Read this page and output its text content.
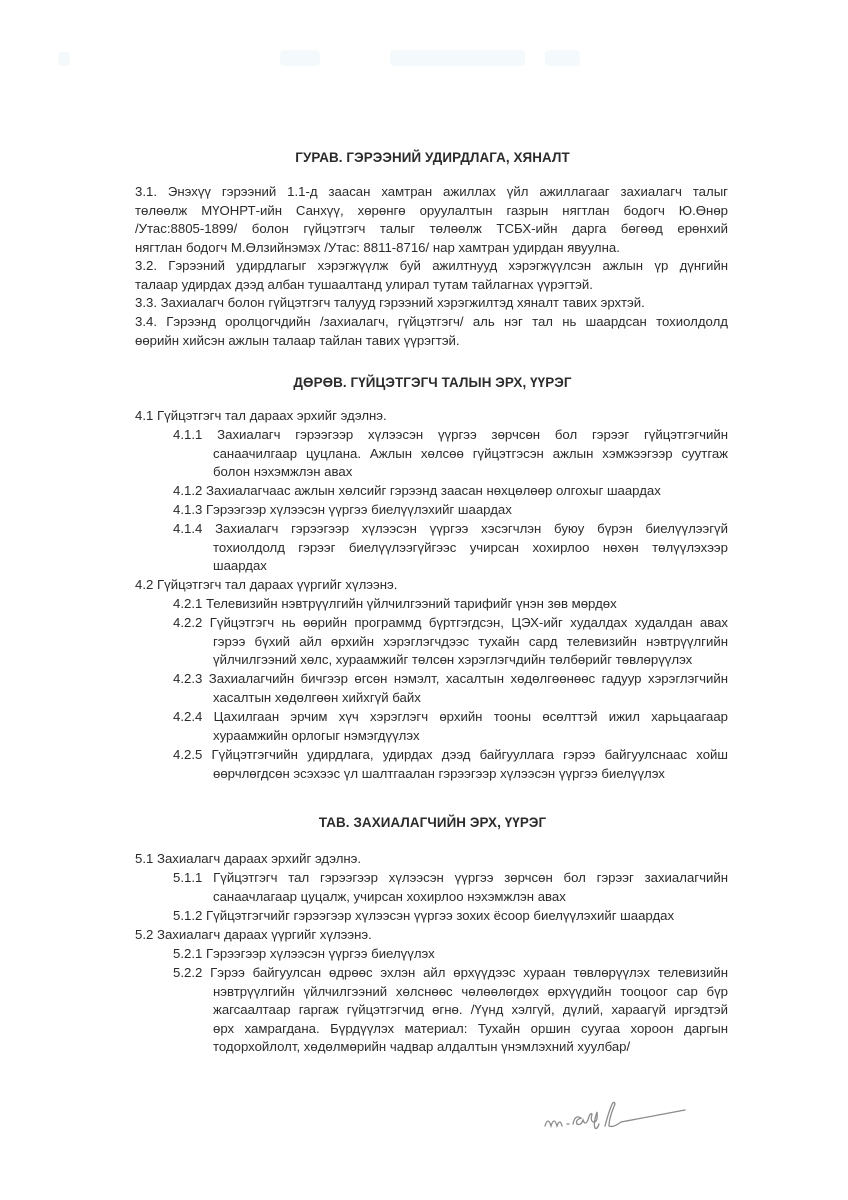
ГУРАВ. ГЭРЭЭНИЙ УДИРДЛАГА, ХЯНАЛТ
3.1. Энэхүү гэрээний 1.1-д заасан хамтран ажиллах үйл ажиллагааг захиалагч талыг
төлөөлж МҮОНРТ-ийн Санхүү, хөрөнгө оруулалтын газрын нягтлан бодогч Ю.Өнөр
/Утас:8805-1899/ болон гүйцэтгэгч талыг төлөөлж ТСБХ-ийн дарга бөгөөд ерөнхий
нягтлан бодогч М.Өлзийнэмэх /Утас: 8811-8716/ нар хамтран удирдан явуулна.
3.2. Гэрээний удирдлагыг хэрэгжүүлж буй ажилтнууд хэрэгжүүлсэн ажлын үр дүнгийн
талаар удирдах дээд албан тушаалтанд улирал тутам тайлагнах үүрэгтэй.
3.3. Захиалагч болон гүйцэтгэгч талууд гэрээний хэрэгжилтэд хяналт тавих эрхтэй.
3.4. Гэрээнд оролцогчдийн /захиалагч, гүйцэтгэгч/ аль нэг тал нь шаардсан тохиолдолд
өөрийн хийсэн ажлын талаар тайлан тавих үүрэгтэй.
ДӨРӨВ. ГҮЙЦЭТГЭГЧ ТАЛЫН ЭРХ, ҮҮРЭГ
4.1 Гүйцэтгэгч тал дараах эрхийг эдэлнэ.
4.1.1 Захиалагч гэрээгээр хүлээсэн үүргээ зөрчсөн бол гэрээг гүйцэтгэгчийн
санаачилгаар цуцлана. Ажлын хөлсөө гүйцэтгэсэн ажлын хэмжээгээр суутгаж
болон нэхэмжлэн авах
4.1.2 Захиалагчаас ажлын хөлсийг гэрээнд заасан нөхцөлөөр олгохыг шаардах
4.1.3 Гэрээгээр хүлээсэн үүргээ биелүүлэхийг шаардах
4.1.4 Захиалагч гэрээгээр хүлээсэн үүргээ хэсэгчлэн буюу бүрэн биелүүлээгүй
тохиолдолд гэрээг биелүүлээгүйгээс учирсан хохирлоо нөхөн төлүүлэхээр
шаардах
4.2 Гүйцэтгэгч тал дараах үүргийг хүлээнэ.
4.2.1 Телевизийн нэвтрүүлгийн үйлчилгээний тарифийг үнэн зөв мөрдөх
4.2.2 Гүйцэтгэгч нь өөрийн программд бүртгэгдсэн, ЦЭХ-ийг худалдах худалдан авах
гэрээ бүхий айл өрхийн хэрэглэгчдээс тухайн сард телевизийн нэвтрүүлгийн
үйлчилгээний хөлс, хураамжийг төлсөн хэрэглэгчдийн төлбөрийг төвлөрүүлэх
4.2.3 Захиалагчийн бичгээр өгсөн нэмэлт, хасалтын хөдөлгөөнөөс гадуур хэрэглэгчийн
хасалтын хөдөлгөөн хийхгүй байх
4.2.4 Цахилгаан эрчим хүч хэрэглэгч өрхийн тооны өсөлттэй ижил харьцаагаар
хураамжийн орлогыг нэмэгдүүлэх
4.2.5 Гүйцэтгэгчийн удирдлага, удирдах дээд байгууллага гэрээ байгуулснаас хойш
өөрчлөгдсөн эсэхээс үл шалтгаалан гэрээгээр хүлээсэн үүргээ биелүүлэх
ТАВ. ЗАХИАЛАГЧИЙН ЭРХ, ҮҮРЭГ
5.1 Захиалагч дараах эрхийг эдэлнэ.
5.1.1 Гүйцэтгэгч тал гэрээгээр хүлээсэн үүргээ зөрчсөн бол гэрээг захиалагчийн
санаачлагаар цуцалж, учирсан хохирлоо нэхэмжлэн авах
5.1.2 Гүйцэтгэгчийг гэрээгээр хүлээсэн үүргээ зохих ёсоор биелүүлэхийг шаардах
5.2 Захиалагч дараах үүргийг хүлээнэ.
5.2.1 Гэрээгээр хүлээсэн үүргээ биелүүлэх
5.2.2 Гэрээ байгуулсан өдрөөс эхлэн айл өрхүүдээс хураан төвлөрүүлэх телевизийн
нэвтрүүлгийн үйлчилгээний хөлснөөс чөлөөлөгдөх өрхүүдийн тооцоог сар бүр
жагсаалтаар гаргаж гүйцэтгэгчид өгнө. /Үүнд хэлгүй, дүлий, хараагүй иргэдтэй
өрх хамрагдана. Бүрдүүлэх материал: Тухайн оршин суугаа хороон даргын
тодорхойлолт, хөдөлмөрийн чадвар алдалтын үнэмлэхний хуулбар/
